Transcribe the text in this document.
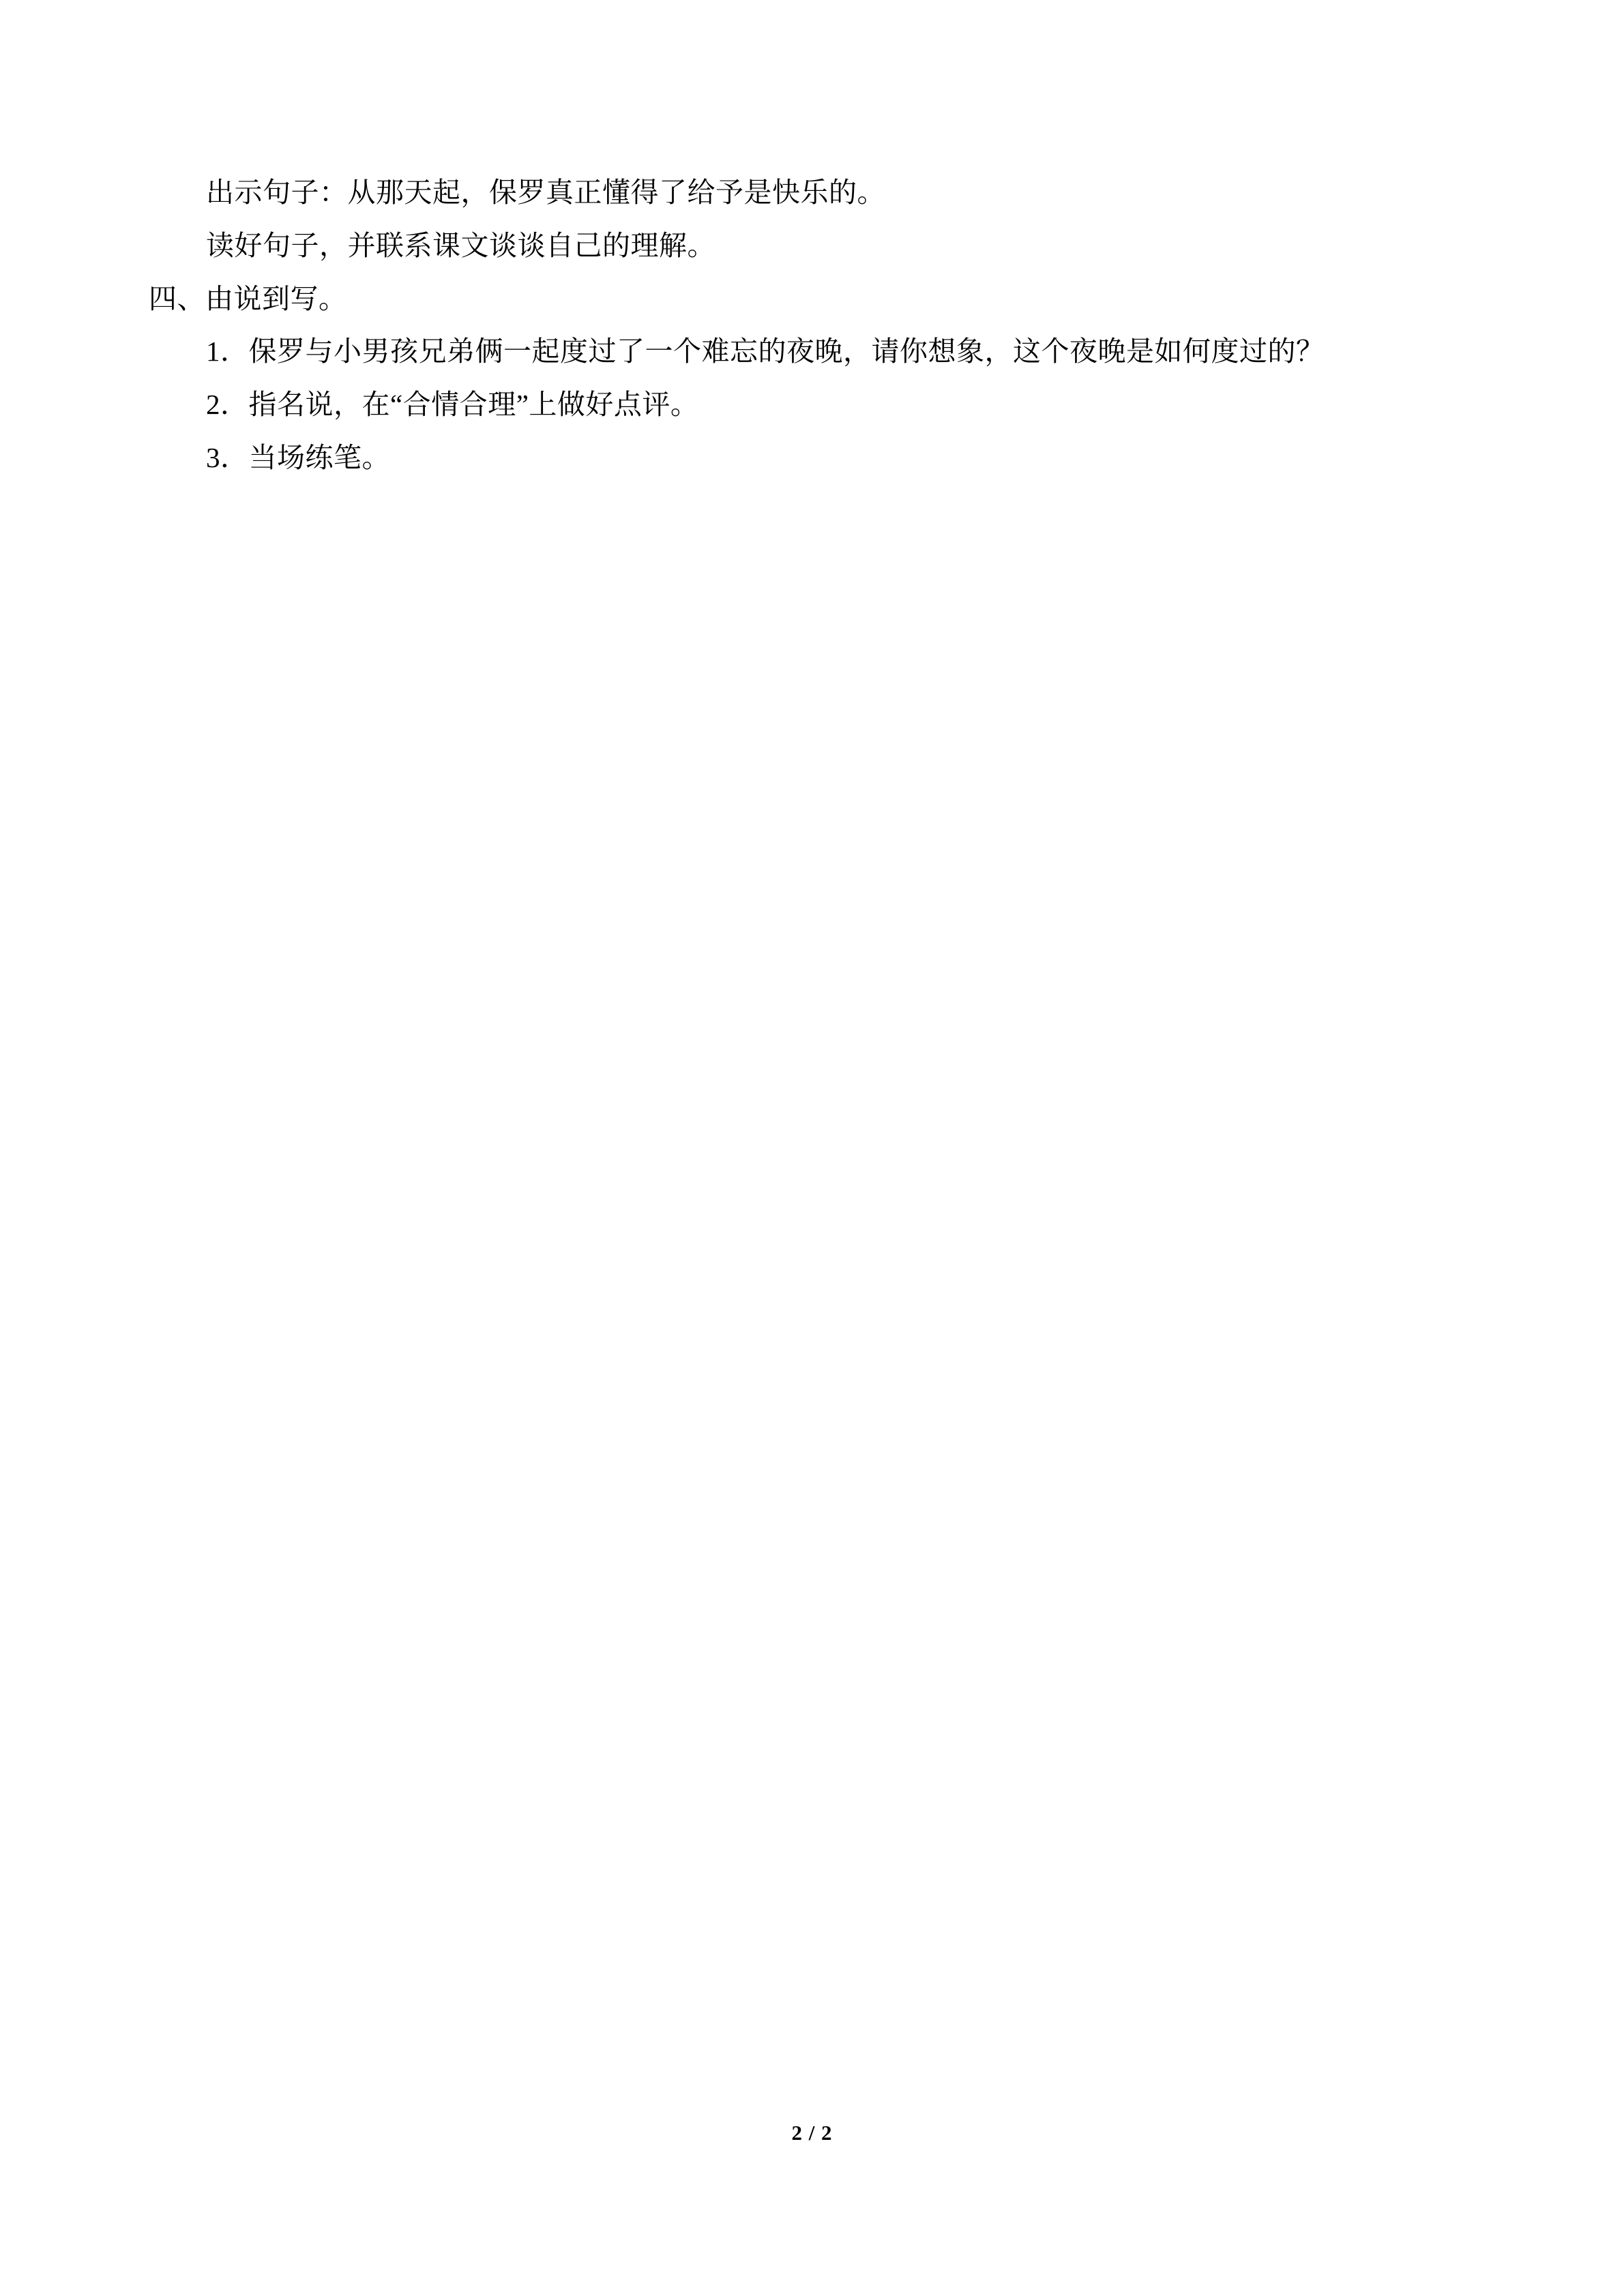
出示句子：从那天起，保罗真正懂得了给予是快乐的。

读好句子，并联系课文谈谈自己的理解。

四、由说到写。

1．保罗与小男孩兄弟俩一起度过了一个难忘的夜晚，请你想象，这个夜晚是如何度过的？

2．指名说，在“合情合理”上做好点评。

3．当场练笔。

2 / 2
